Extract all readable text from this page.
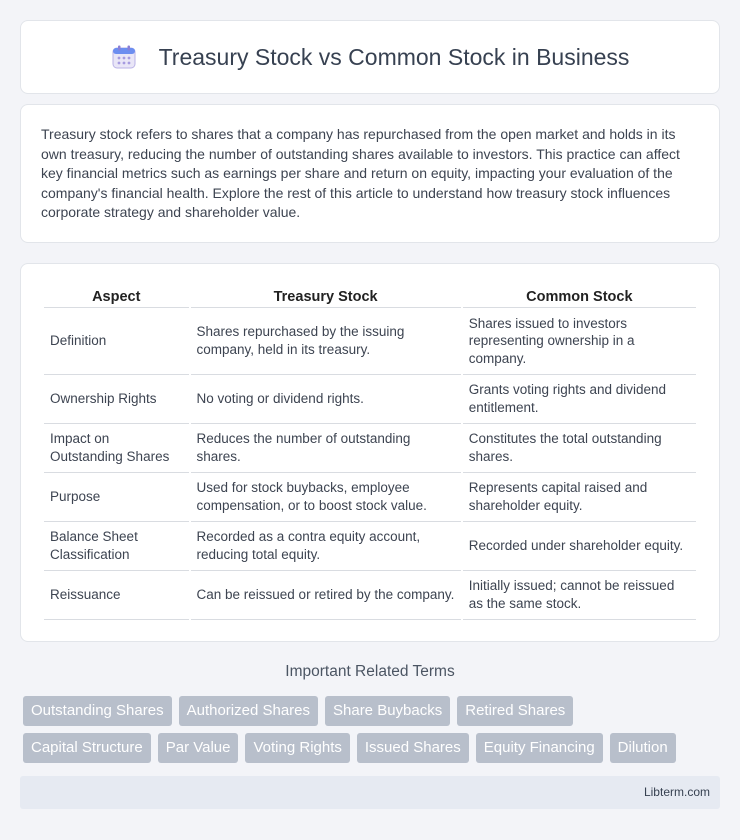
Treasury Stock vs Common Stock in Business

Treasury stock refers to shares that a company has repurchased from the open market and holds in its own treasury, reducing the number of outstanding shares available to investors. This practice can affect key financial metrics such as earnings per share and return on equity, impacting your evaluation of the company's financial health. Explore the rest of this article to understand how treasury stock influences corporate strategy and shareholder value.

Aspect	Treasury Stock	Common Stock
Definition	Shares repurchased by the issuing company, held in its treasury.	Shares issued to investors representing ownership in a company.
Ownership Rights	No voting or dividend rights.	Grants voting rights and dividend entitlement.
Impact on Outstanding Shares	Reduces the number of outstanding shares.	Constitutes the total outstanding shares.
Purpose	Used for stock buybacks, employee compensation, or to boost stock value.	Represents capital raised and shareholder equity.
Balance Sheet Classification	Recorded as a contra equity account, reducing total equity.	Recorded under shareholder equity.
Reissuance	Can be reissued or retired by the company.	Initially issued; cannot be reissued as the same stock.
Important Related Terms
Outstanding Shares	Authorized Shares	Share Buybacks	Retired Shares
Capital Structure	Par Value	Voting Rights	Issued Shares	Equity Financing	Dilution
Libterm.com
